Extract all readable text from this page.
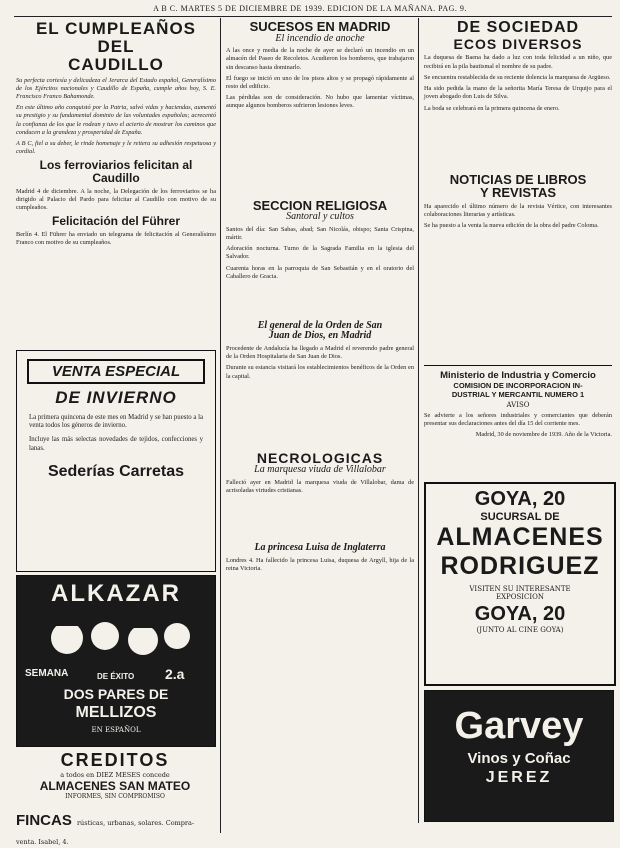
A B C. MARTES 5 DE DICIEMBRE DE 1939. EDICION DE LA MAÑANA. PAG. 9.
EL CUMPLEAÑOS DEL
CAUDILLO

Su perfecta cortesía y delicadeza el Jerarca del Estado español, Generalísimo de los Ejércitos nacionales y Caudillo de España, cumple años hoy, S. E. Francisco Franco Bahamonde.

En este último año conquistó por la Patria, salvó vidas y haciendas, aumentó su prestigio y su fundamental dominio de las voluntades españolas; acrecentó la confianza de los que le rodean y tuvo el acierto de mostrar los caminos que conducen a la grandeza y prosperidad de España.

A B C, fiel a su deber, le rinde homenaje y le reitera su adhesión respetuosa y cordial.

Los ferroviarios felicitan al Caudillo

Madrid 4 de diciembre. A la noche, la Delegación de los ferroviarios se ha dirigido al Palacio del Pardo para felicitar al Caudillo con motivo de su cumpleaños.

Felicitación del Führer

Berlín 4. El Führer ha enviado un telegrama de felicitación al Generalísimo Franco con motivo de su cumpleaños.

VENTA ESPECIAL
DE INVIERNO

La primera quincena de este mes en Madrid y se han puesto a la venta todos los géneros de invierno.

Incluye las más selectas novedades de tejidos, confecciones y lanas.

Sederías Carretas
ALKAZAR
SEMANA	2.a
DE ÉXITO
DOS PARES DE
MELLIZOS
EN ESPAÑOL
CREDITOS
a todos en DIEZ MESES concede
ALMACENES SAN MATEO
INFORMES, SIN COMPROMISO
FINCAS rústicas, urbanas, solares. Compra-venta. Isabel, 4.
SUCESOS EN MADRID
El incendio de anoche

A las once y media de la noche de ayer se declaró un incendio en un almacén del Paseo de Recoletos. Acudieron los bomberos, que trabajaron sin descanso hasta dominarlo.

El fuego se inició en uno de los pisos altos y se propagó rápidamente al resto del edificio.

Las pérdidas son de consideración. No hubo que lamentar víctimas, aunque algunos bomberos sufrieron lesiones leves.

SECCION RELIGIOSA
Santoral y cultos

Santos del día: San Sabas, abad; San Nicolás, obispo; Santa Crispina, mártir.

Adoración nocturna. Turno de la Sagrada Familia en la iglesia del Salvador.

Cuarenta horas en la parroquia de San Sebastián y en el oratorio del Caballero de Gracia.

El general de la Orden de San
Juan de Dios, en Madrid

Procedente de Andalucía ha llegado a Madrid el reverendo padre general de la Orden Hospitalaria de San Juan de Dios.

Durante su estancia visitará los establecimientos benéficos de la Orden en la capital.

NECROLOGICAS
La marquesa viuda de Villalobar

Falleció ayer en Madrid la marquesa viuda de Villalobar, dama de acrisoladas virtudes cristianas.

La princesa Luisa de Inglaterra

Londres 4. Ha fallecido la princesa Luisa, duquesa de Argyll, hija de la reina Victoria.

DE SOCIEDAD
ECOS DIVERSOS

La duquesa de Baena ha dado a luz con toda felicidad a un niño, que recibirá en la pila bautismal el nombre de su padre.

Se encuentra restablecida de su reciente dolencia la marquesa de Argüeso.

Ha sido pedida la mano de la señorita María Teresa de Urquijo para el joven abogado don Luis de Silva.

La boda se celebrará en la primera quincena de enero.

NOTICIAS DE LIBROS
Y REVISTAS

Ha aparecido el último número de la revista Vértice, con interesantes colaboraciones literarias y artísticas.

Se ha puesto a la venta la nueva edición de la obra del padre Coloma.

Ministerio de Industria y Comercio
COMISION DE INCORPORACION IN-
DUSTRIAL Y MERCANTIL NUMERO 1
AVISO

Se advierte a los señores industriales y comerciantes que deberán presentar sus declaraciones antes del día 15 del corriente mes.

Madrid, 30 de noviembre de 1939. Año de la Victoria.

GOYA, 20
SUCURSAL DE
ALMACENES
RODRIGUEZ
VISITEN SU INTERESANTE
EXPOSICION
GOYA, 20
(JUNTO AL CINE GOYA)
Garvey
Vinos y Coñac
JEREZ
